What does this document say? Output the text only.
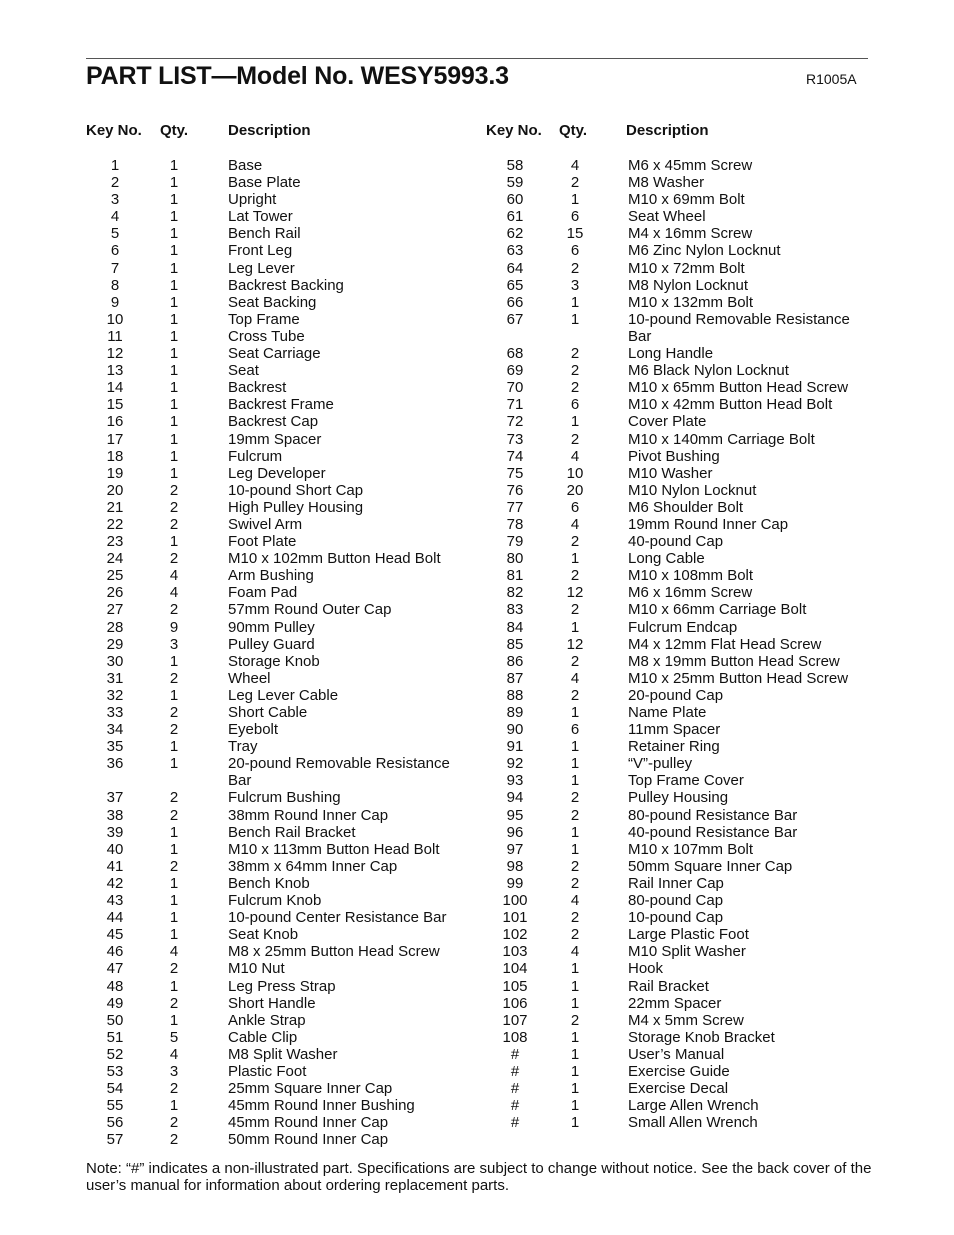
PART LIST—Model No. WESY5993.3	R1005A
Key No. Qty.	Description
1	1	Base
2	1	Base Plate
3	1	Upright
4	1	Lat Tower
5	1	Bench Rail
6	1	Front Leg
7	1	Leg Lever
8	1	Backrest Backing
9	1	Seat Backing
10	1	Top Frame
11	1	Cross Tube
12	1	Seat Carriage
13	1	Seat
14	1	Backrest
15	1	Backrest Frame
16	1	Backrest Cap
17	1	19mm Spacer
18	1	Fulcrum
19	1	Leg Developer
20	2	10-pound Short Cap
21	2	High Pulley Housing
22	2	Swivel Arm
23	1	Foot Plate
24	2	M10 x 102mm Button Head Bolt
25	4	Arm Bushing
26	4	Foam Pad
27	2	57mm Round Outer Cap
28	9	90mm Pulley
29	3	Pulley Guard
30	1	Storage Knob
31	2	Wheel
32	1	Leg Lever Cable
33	2	Short Cable
34	2	Eyebolt
35	1	Tray
36	1	20-pound Removable Resistance Bar
37	2	Fulcrum Bushing
38	2	38mm Round Inner Cap
39	1	Bench Rail Bracket
40	1	M10 x 113mm Button Head Bolt
41	2	38mm x 64mm Inner Cap
42	1	Bench Knob
43	1	Fulcrum Knob
44	1	10-pound Center Resistance Bar
45	1	Seat Knob
46	4	M8 x 25mm Button Head Screw
47	2	M10 Nut
48	1	Leg Press Strap
49	2	Short Handle
50	1	Ankle Strap
51	5	Cable Clip
52	4	M8 Split Washer
53	3	Plastic Foot
54	2	25mm Square Inner Cap
55	1	45mm Round Inner Bushing
56	2	45mm Round Inner Cap
57	2	50mm Round Inner Cap
Key No. Qty.	Description
58	4	M6 x 45mm Screw
59	2	M8 Washer
60	1	M10 x 69mm Bolt
61	6	Seat Wheel
62	15	M4 x 16mm Screw
63	6	M6 Zinc Nylon Locknut
64	2	M10 x 72mm Bolt
65	3	M8 Nylon Locknut
66	1	M10 x 132mm Bolt
67	1	10-pound Removable Resistance Bar
68	2	Long Handle
69	2	M6 Black Nylon Locknut
70	2	M10 x 65mm Button Head Screw
71	6	M10 x 42mm Button Head Bolt
72	1	Cover Plate
73	2	M10 x 140mm Carriage Bolt
74	4	Pivot Bushing
75	10	M10 Washer
76	20	M10 Nylon Locknut
77	6	M6 Shoulder Bolt
78	4	19mm Round Inner Cap
79	2	40-pound Cap
80	1	Long Cable
81	2	M10 x 108mm Bolt
82	12	M6 x 16mm Screw
83	2	M10 x 66mm Carriage Bolt
84	1	Fulcrum Endcap
85	12	M4 x 12mm Flat Head Screw
86	2	M8 x 19mm Button Head Screw
87	4	M10 x 25mm Button Head Screw
88	2	20-pound Cap
89	1	Name Plate
90	6	11mm Spacer
91	1	Retainer Ring
92	1	“V”-pulley
93	1	Top Frame Cover
94	2	Pulley Housing
95	2	80-pound Resistance Bar
96	1	40-pound Resistance Bar
97	1	M10 x 107mm Bolt
98	2	50mm Square Inner Cap
99	2	Rail Inner Cap
100	4	80-pound Cap
101	2	10-pound Cap
102	2	Large Plastic Foot
103	4	M10 Split Washer
104	1	Hook
105	1	Rail Bracket
106	1	22mm Spacer
107	2	M4 x 5mm Screw
108	1	Storage Knob Bracket
#	1	User’s Manual
#	1	Exercise Guide
#	1	Exercise Decal
#	1	Large Allen Wrench
#	1	Small Allen Wrench
Note: “#” indicates a non-illustrated part. Specifications are subject to change without notice. See the back cover of the user’s manual for information about ordering replacement parts.
